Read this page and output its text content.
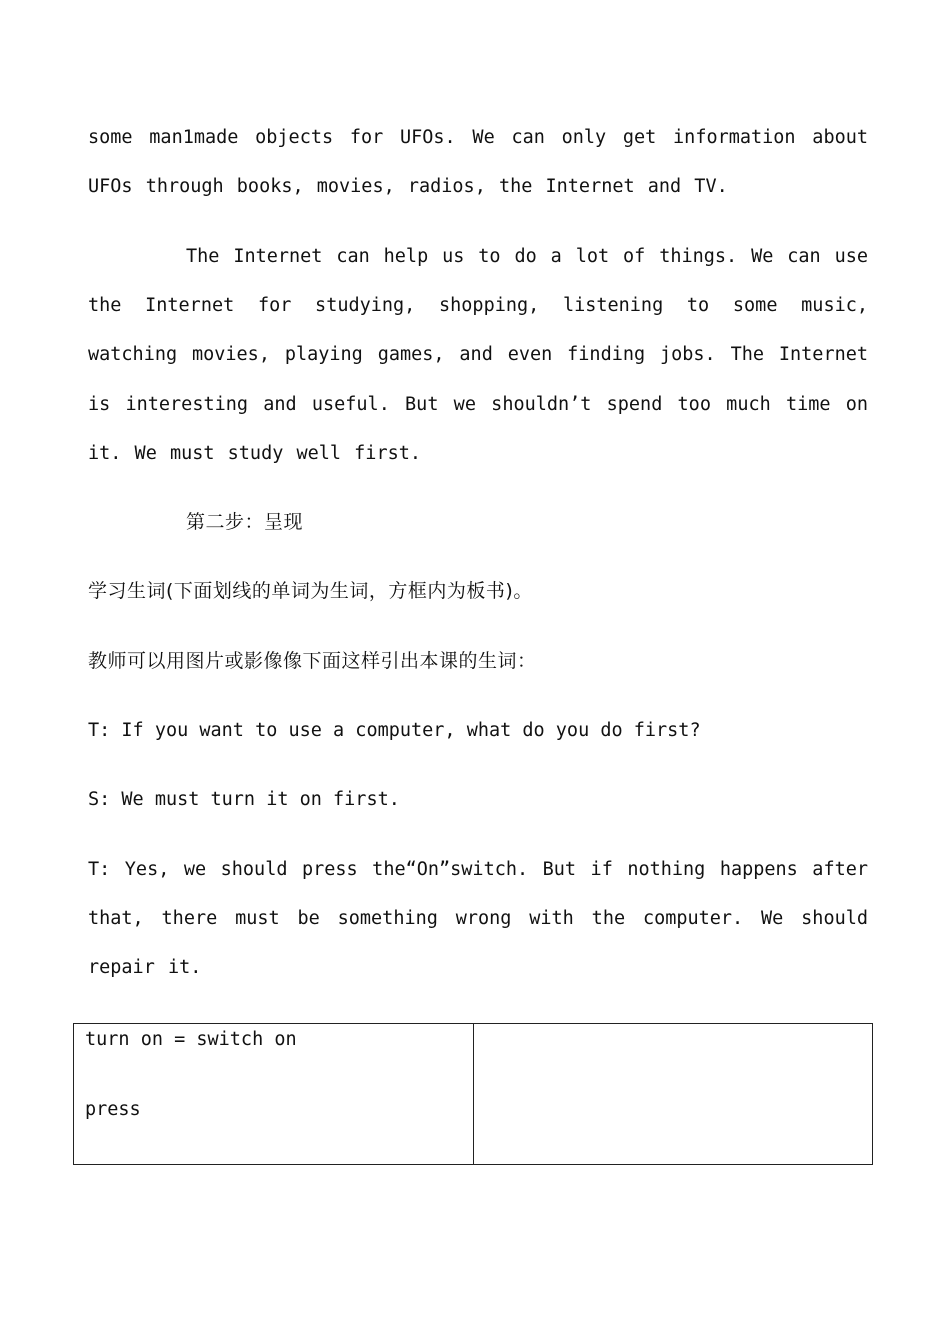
some man1made objects for UFOs. We can only get information about UFOs through books, movies, radios, the Internet and TV.

The Internet can help us to do a lot of things. We can use the Internet for studying, shopping, listening to some music, watching movies, playing games, and even finding jobs. The Internet is interesting and useful. But we shouldn’t spend too much time on it. We must study well first.

第二步：呈现

学习生词(下面划线的单词为生词，方框内为板书)。

教师可以用图片或影像像下面这样引出本课的生词：

T: If you want to use a computer, what do you do first?

S: We must turn it on first.

T: Yes, we should press the“On”switch. But if nothing happens after that, there must be something wrong with the computer. We should repair it.

turn on = switch on
press
